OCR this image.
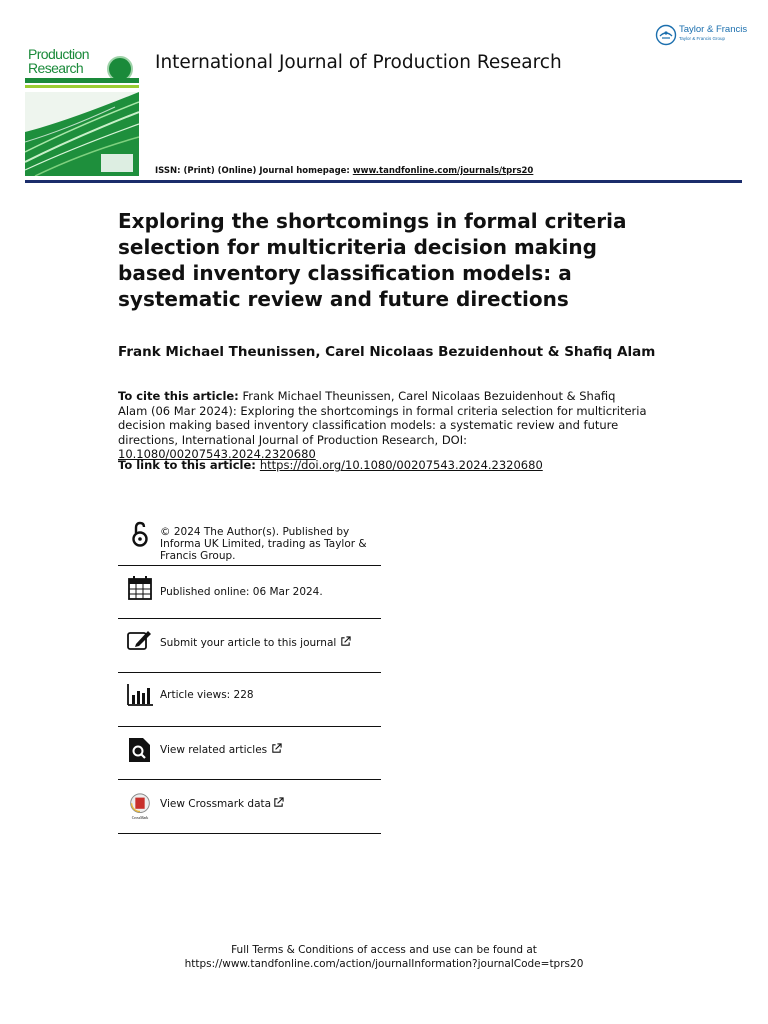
Production
Research	International Journal of Production Research
ISSN: (Print) (Online) Journal homepage: www.tandfonline.com/journals/tprs20
Taylor & Francis
Taylor & Francis Group
Exploring the shortcomings in formal criteria selection for multicriteria decision making based inventory classification models: a systematic review and future directions
Frank Michael Theunissen, Carel Nicolaas Bezuidenhout & Shafiq Alam
To cite this article: Frank Michael Theunissen, Carel Nicolaas Bezuidenhout & Shafiq Alam (06 Mar 2024): Exploring the shortcomings in formal criteria selection for multicriteria decision making based inventory classification models: a systematic review and future directions, International Journal of Production Research, DOI: 10.1080/00207543.2024.2320680
To link to this article: https://doi.org/10.1080/00207543.2024.2320680
© 2024 The Author(s). Published by Informa UK Limited, trading as Taylor & Francis Group.
Published online: 06 Mar 2024.
Submit your article to this journal
Article views: 228
View related articles
CrossMark
View Crossmark data
Full Terms & Conditions of access and use can be found at
https://www.tandfonline.com/action/journalInformation?journalCode=tprs20
